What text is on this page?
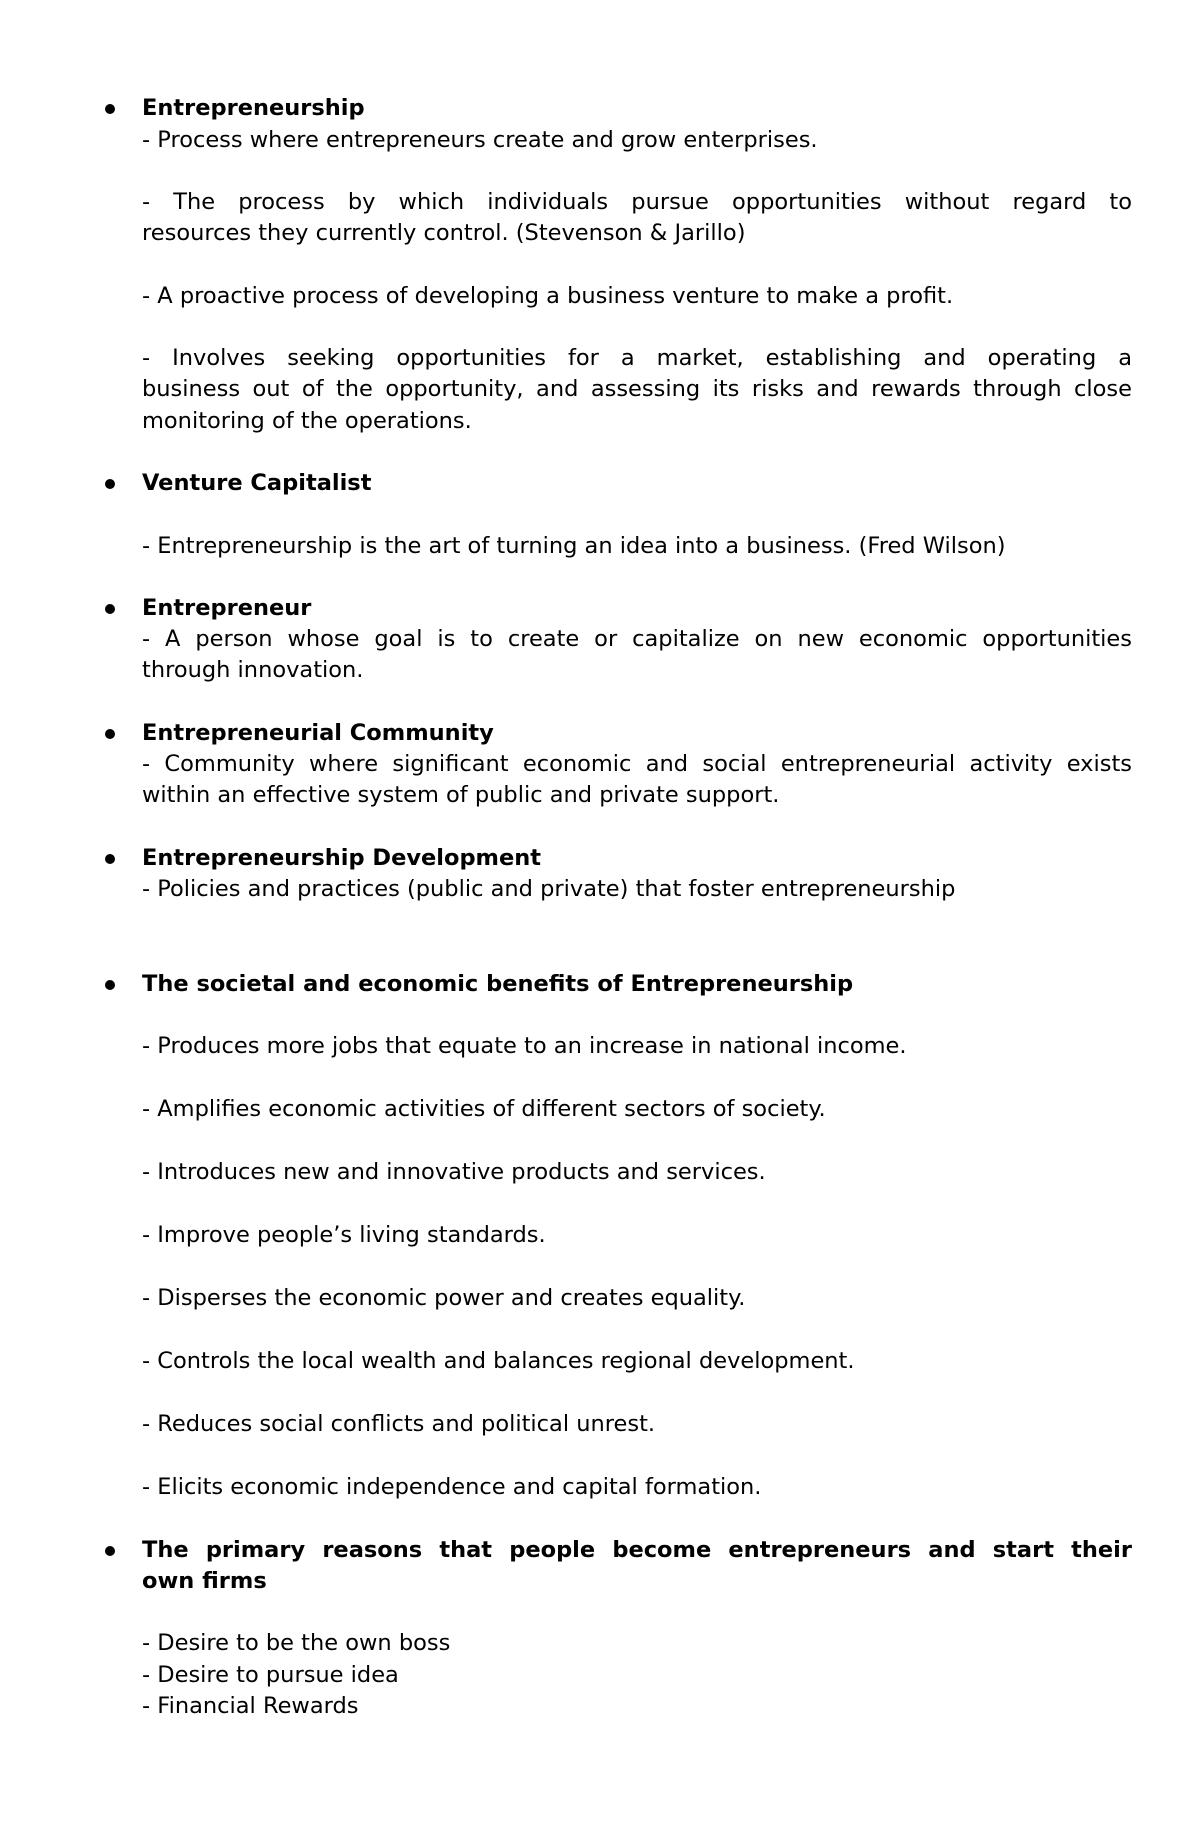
Entrepreneurship
- Process where entrepreneurs create and grow enterprises.
- The process by which individuals pursue opportunities without regard to
resources they currently control. (Stevenson & Jarillo)
- A proactive process of developing a business venture to make a profit.
- Involves seeking opportunities for a market, establishing and operating a
business out of the opportunity, and assessing its risks and rewards through close
monitoring of the operations.
Venture Capitalist
- Entrepreneurship is the art of turning an idea into a business. (Fred Wilson)
Entrepreneur
- A person whose goal is to create or capitalize on new economic opportunities
through innovation.
Entrepreneurial Community
- Community where significant economic and social entrepreneurial activity exists
within an effective system of public and private support.
Entrepreneurship Development
- Policies and practices (public and private) that foster entrepreneurship
The societal and economic benefits of Entrepreneurship
- Produces more jobs that equate to an increase in national income.
- Amplifies economic activities of different sectors of society.
- Introduces new and innovative products and services.
- Improve people’s living standards.
- Disperses the economic power and creates equality.
- Controls the local wealth and balances regional development.
- Reduces social conflicts and political unrest.
- Elicits economic independence and capital formation.
The primary reasons that people become entrepreneurs and start their
own firms
- Desire to be the own boss
- Desire to pursue idea
- Financial Rewards
